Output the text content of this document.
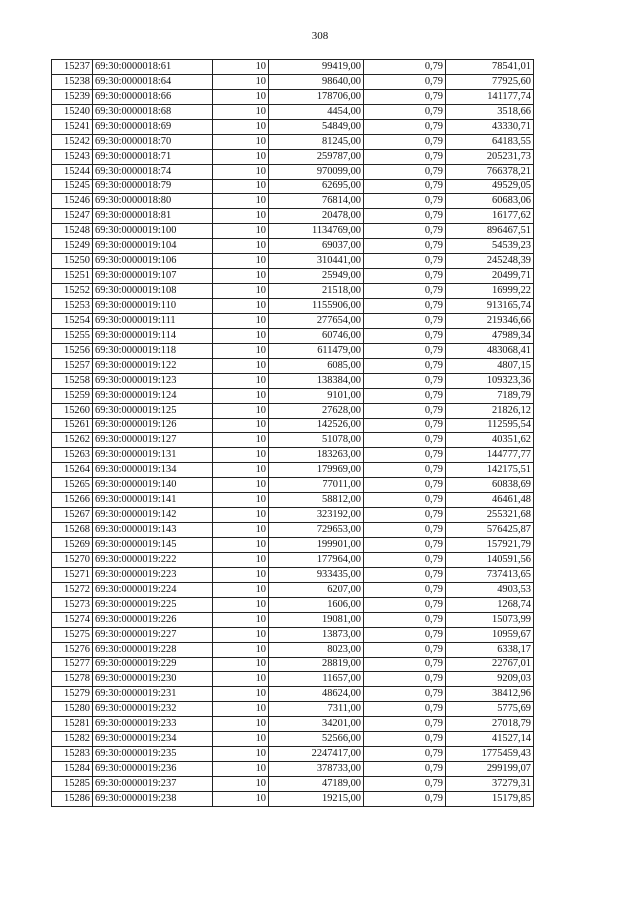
308
15237	69:30:0000018:61	10	99419,00	0,79	78541,01
15238	69:30:0000018:64	10	98640,00	0,79	77925,60
15239	69:30:0000018:66	10	178706,00	0,79	141177,74
15240	69:30:0000018:68	10	4454,00	0,79	3518,66
15241	69:30:0000018:69	10	54849,00	0,79	43330,71
15242	69:30:0000018:70	10	81245,00	0,79	64183,55
15243	69:30:0000018:71	10	259787,00	0,79	205231,73
15244	69:30:0000018:74	10	970099,00	0,79	766378,21
15245	69:30:0000018:79	10	62695,00	0,79	49529,05
15246	69:30:0000018:80	10	76814,00	0,79	60683,06
15247	69:30:0000018:81	10	20478,00	0,79	16177,62
15248	69:30:0000019:100	10	1134769,00	0,79	896467,51
15249	69:30:0000019:104	10	69037,00	0,79	54539,23
15250	69:30:0000019:106	10	310441,00	0,79	245248,39
15251	69:30:0000019:107	10	25949,00	0,79	20499,71
15252	69:30:0000019:108	10	21518,00	0,79	16999,22
15253	69:30:0000019:110	10	1155906,00	0,79	913165,74
15254	69:30:0000019:111	10	277654,00	0,79	219346,66
15255	69:30:0000019:114	10	60746,00	0,79	47989,34
15256	69:30:0000019:118	10	611479,00	0,79	483068,41
15257	69:30:0000019:122	10	6085,00	0,79	4807,15
15258	69:30:0000019:123	10	138384,00	0,79	109323,36
15259	69:30:0000019:124	10	9101,00	0,79	7189,79
15260	69:30:0000019:125	10	27628,00	0,79	21826,12
15261	69:30:0000019:126	10	142526,00	0,79	112595,54
15262	69:30:0000019:127	10	51078,00	0,79	40351,62
15263	69:30:0000019:131	10	183263,00	0,79	144777,77
15264	69:30:0000019:134	10	179969,00	0,79	142175,51
15265	69:30:0000019:140	10	77011,00	0,79	60838,69
15266	69:30:0000019:141	10	58812,00	0,79	46461,48
15267	69:30:0000019:142	10	323192,00	0,79	255321,68
15268	69:30:0000019:143	10	729653,00	0,79	576425,87
15269	69:30:0000019:145	10	199901,00	0,79	157921,79
15270	69:30:0000019:222	10	177964,00	0,79	140591,56
15271	69:30:0000019:223	10	933435,00	0,79	737413,65
15272	69:30:0000019:224	10	6207,00	0,79	4903,53
15273	69:30:0000019:225	10	1606,00	0,79	1268,74
15274	69:30:0000019:226	10	19081,00	0,79	15073,99
15275	69:30:0000019:227	10	13873,00	0,79	10959,67
15276	69:30:0000019:228	10	8023,00	0,79	6338,17
15277	69:30:0000019:229	10	28819,00	0,79	22767,01
15278	69:30:0000019:230	10	11657,00	0,79	9209,03
15279	69:30:0000019:231	10	48624,00	0,79	38412,96
15280	69:30:0000019:232	10	7311,00	0,79	5775,69
15281	69:30:0000019:233	10	34201,00	0,79	27018,79
15282	69:30:0000019:234	10	52566,00	0,79	41527,14
15283	69:30:0000019:235	10	2247417,00	0,79	1775459,43
15284	69:30:0000019:236	10	378733,00	0,79	299199,07
15285	69:30:0000019:237	10	47189,00	0,79	37279,31
15286	69:30:0000019:238	10	19215,00	0,79	15179,85
